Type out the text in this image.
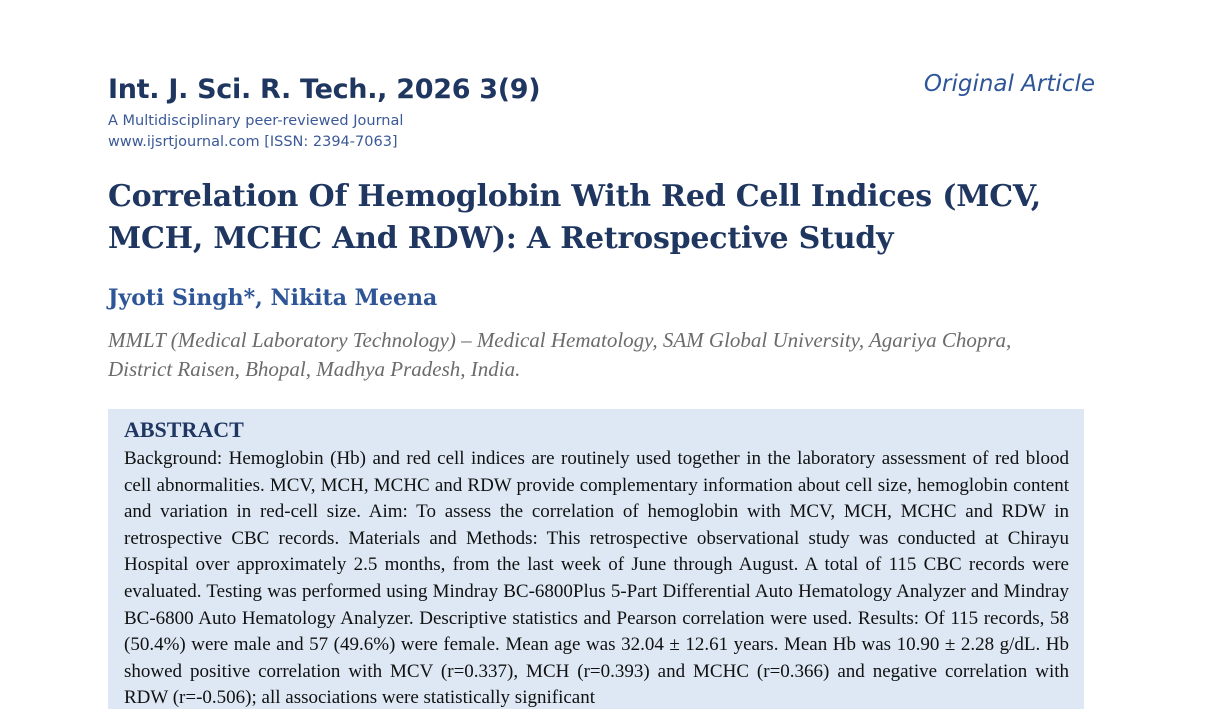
Int. J. Sci. R. Tech., 2026 3(9)
A Multidisciplinary peer-reviewed Journal
www.ijsrtjournal.com [ISSN: 2394-7063]
Original Article
Correlation Of Hemoglobin With Red Cell Indices (MCV, MCH, MCHC And RDW): A Retrospective Study
Jyoti Singh*, Nikita Meena
MMLT (Medical Laboratory Technology) – Medical Hematology, SAM Global University, Agariya Chopra, District Raisen, Bhopal, Madhya Pradesh, India.
ABSTRACT
Background: Hemoglobin (Hb) and red cell indices are routinely used together in the laboratory assessment of red blood cell abnormalities. MCV, MCH, MCHC and RDW provide complementary information about cell size, hemoglobin content and variation in red-cell size. Aim: To assess the correlation of hemoglobin with MCV, MCH, MCHC and RDW in retrospective CBC records. Materials and Methods: This retrospective observational study was conducted at Chirayu Hospital over approximately 2.5 months, from the last week of June through August. A total of 115 CBC records were evaluated. Testing was performed using Mindray BC-6800Plus 5-Part Differential Auto Hematology Analyzer and Mindray BC-6800 Auto Hematology Analyzer. Descriptive statistics and Pearson correlation were used. Results: Of 115 records, 58 (50.4%) were male and 57 (49.6%) were female. Mean age was 32.04 ± 12.61 years. Mean Hb was 10.90 ± 2.28 g/dL. Hb showed positive correlation with MCV (r=0.337), MCH (r=0.393) and MCHC (r=0.366) and negative correlation with RDW (r=-0.506); all associations were statistically significant
